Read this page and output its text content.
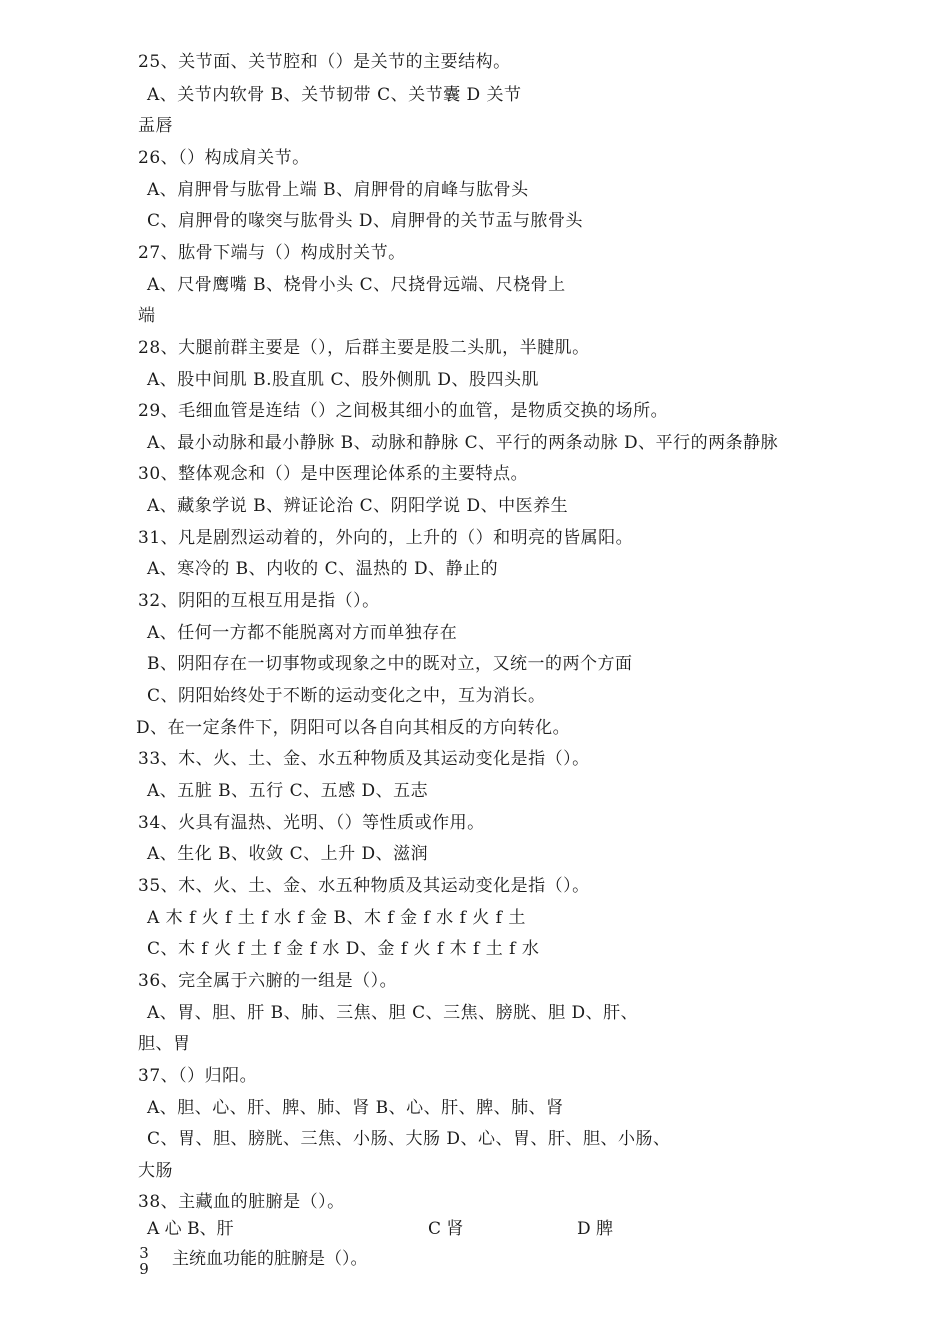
25、关节面、关节腔和（）是关节的主要结构。
A、关节内软骨 B、关节韧带 C、关节囊 D 关节
盂唇
26、（）构成肩关节。
A、肩胛骨与肱骨上端 B、肩胛骨的肩峰与肱骨头
C、肩胛骨的喙突与肱骨头 D、肩胛骨的关节盂与脓骨头
27、肱骨下端与（）构成肘关节。
A、尺骨鹰嘴 B、桡骨小头 C、尺挠骨远端、尺桡骨上
端
28、大腿前群主要是（），后群主要是股二头肌，半腱肌。
A、股中间肌 B.股直肌 C、股外侧肌 D、股四头肌
29、毛细血管是连结（）之间极其细小的血管，是物质交换的场所。
A、最小动脉和最小静脉 B、动脉和静脉 C、平行的两条动脉 D、平行的两条静脉
30、整体观念和（）是中医理论体系的主要特点。
A、藏象学说 B、辨证论治 C、阴阳学说 D、中医养生
31、凡是剧烈运动着的，外向的，上升的（）和明亮的皆属阳。
A、寒冷的 B、内收的 C、温热的 D、静止的
32、阴阳的互根互用是指（）。
A、任何一方都不能脱离对方而单独存在
B、阴阳存在一切事物或现象之中的既对立，又统一的两个方面
C、阴阳始终处于不断的运动变化之中，互为消长。
D、在一定条件下，阴阳可以各自向其相反的方向转化。
33、木、火、土、金、水五种物质及其运动变化是指（）。
A、五脏 B、五行 C、五感 D、五志
34、火具有温热、光明、（）等性质或作用。
A、生化 B、收敛 C、上升 D、滋润
35、木、火、土、金、水五种物质及其运动变化是指（）。
A 木 f 火 f 土 f 水 f 金 B、木 f 金 f 水 f 火 f 土
C、木 f 火 f 土 f 金 f 水 D、金 f 火 f 木 f 土 f 水
36、完全属于六腑的一组是（）。
A、胃、胆、肝 B、肺、三焦、胆 C、三焦、膀胱、胆 D、肝、
胆、胃
37、（）归阳。
A、胆、心、肝、脾、肺、肾 B、心、肝、脾、肺、肾
C、胃、胆、膀胱、三焦、小肠、大肠 D、心、胃、肝、胆、小肠、
大肠
38、主藏血的脏腑是（）。
A 心 B、肝	C 肾	D 脾
3
9 主统血功能的脏腑是（）。
